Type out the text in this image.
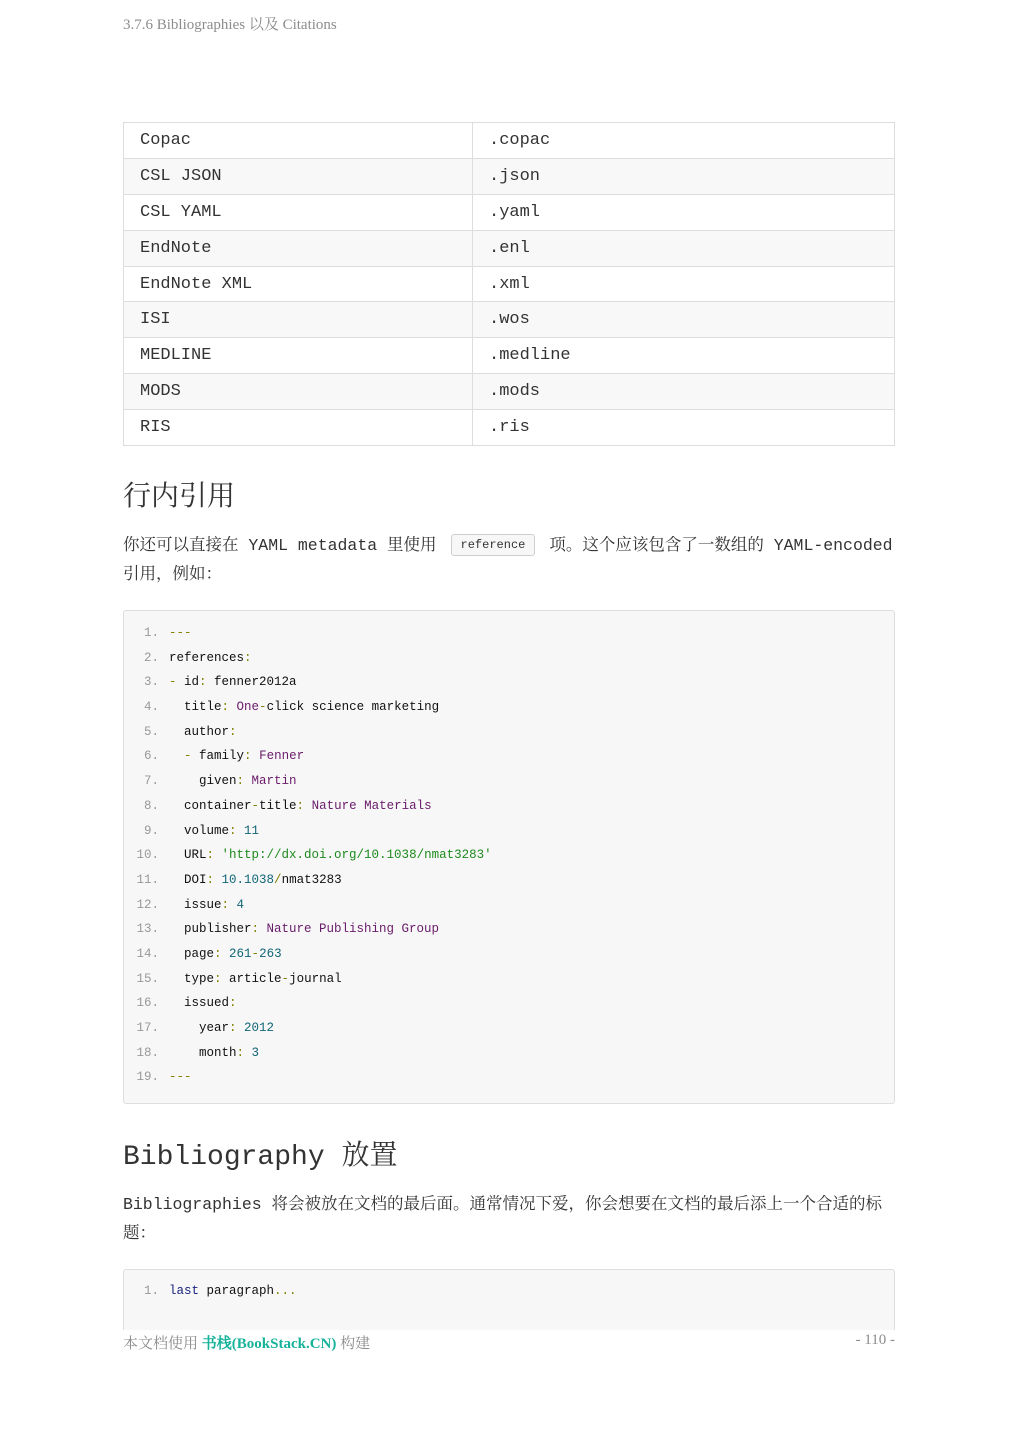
3.7.6 Bibliographies 以及 Citations
Copac	.copac
CSL JSON	.json
CSL YAML	.yaml
EndNote	.enl
EndNote XML	.xml
ISI	.wos
MEDLINE	.medline
MODS	.mods
RIS	.ris
行内引用
你还可以直接在 YAML metadata 里使用 reference 项。这个应该包含了一数组的 YAML-encoded 引用，例如：
1. ---
2. references:
3. - id: fenner2012a
4.  title: One-click science marketing
5.  author:
6. - family: Fenner
7.    given: Martin
8.  container-title: Nature Materials
9.  volume: 11
10.  URL: 'http://dx.doi.org/10.1038/nmat3283'
11.  DOI: 10.1038/nmat3283
12.  issue: 4
13.  publisher: Nature Publishing Group
14.  page: 261-263
15.  type: article-journal
16.  issued:
17.    year: 2012
18.    month: 3
19. ---
Bibliography 放置
Bibliographies 将会被放在文档的最后面。通常情况下爱，你会想要在文档的最后添上一个合适的标题：
1. last paragraph...
本文档使用 书栈(BookStack.CN) 构建	- 110 -
